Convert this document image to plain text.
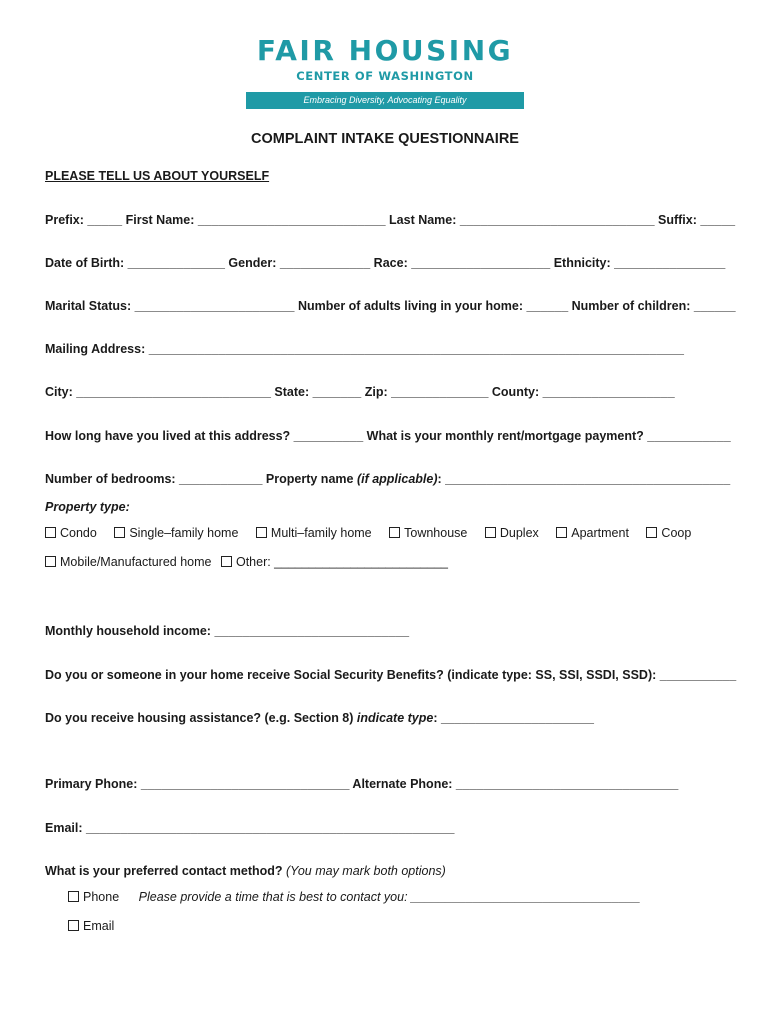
FAIR HOUSING
CENTER OF WASHINGTON
Embracing Diversity, Advocating Equality
COMPLAINT INTAKE QUESTIONNAIRE
PLEASE TELL US ABOUT YOURSELF
Prefix: _____ First Name: ___________________________ Last Name: ____________________________ Suffix: _____
Date of Birth: ______________ Gender: _____________ Race: ____________________ Ethnicity: ________________
Marital Status: _______________________ Number of adults living in your home: ______ Number of children: ______
Mailing Address: _____________________________________________________________________________
City: ____________________________ State: _______ Zip: ______________ County: ___________________
How long have you lived at this address? __________ What is your monthly rent/mortgage payment? ____________
Number of bedrooms: ____________ Property name (if applicable): _________________________________________
Property type:
Condo	Single–family home	Multi–family home	Townhouse	Duplex	Apartment	Coop
Mobile/Manufactured home Other: _________________________
Monthly household income: ____________________________
Do you or someone in your home receive Social Security Benefits? (indicate type: SS, SSI, SSDI, SSD): ___________
Do you receive housing assistance? (e.g. Section 8) indicate type: ______________________
Primary Phone: ______________________________ Alternate Phone: ________________________________
Email: _____________________________________________________
What is your preferred contact method? (You may mark both options)
Phone Please provide a time that is best to contact you: _________________________________
Email
